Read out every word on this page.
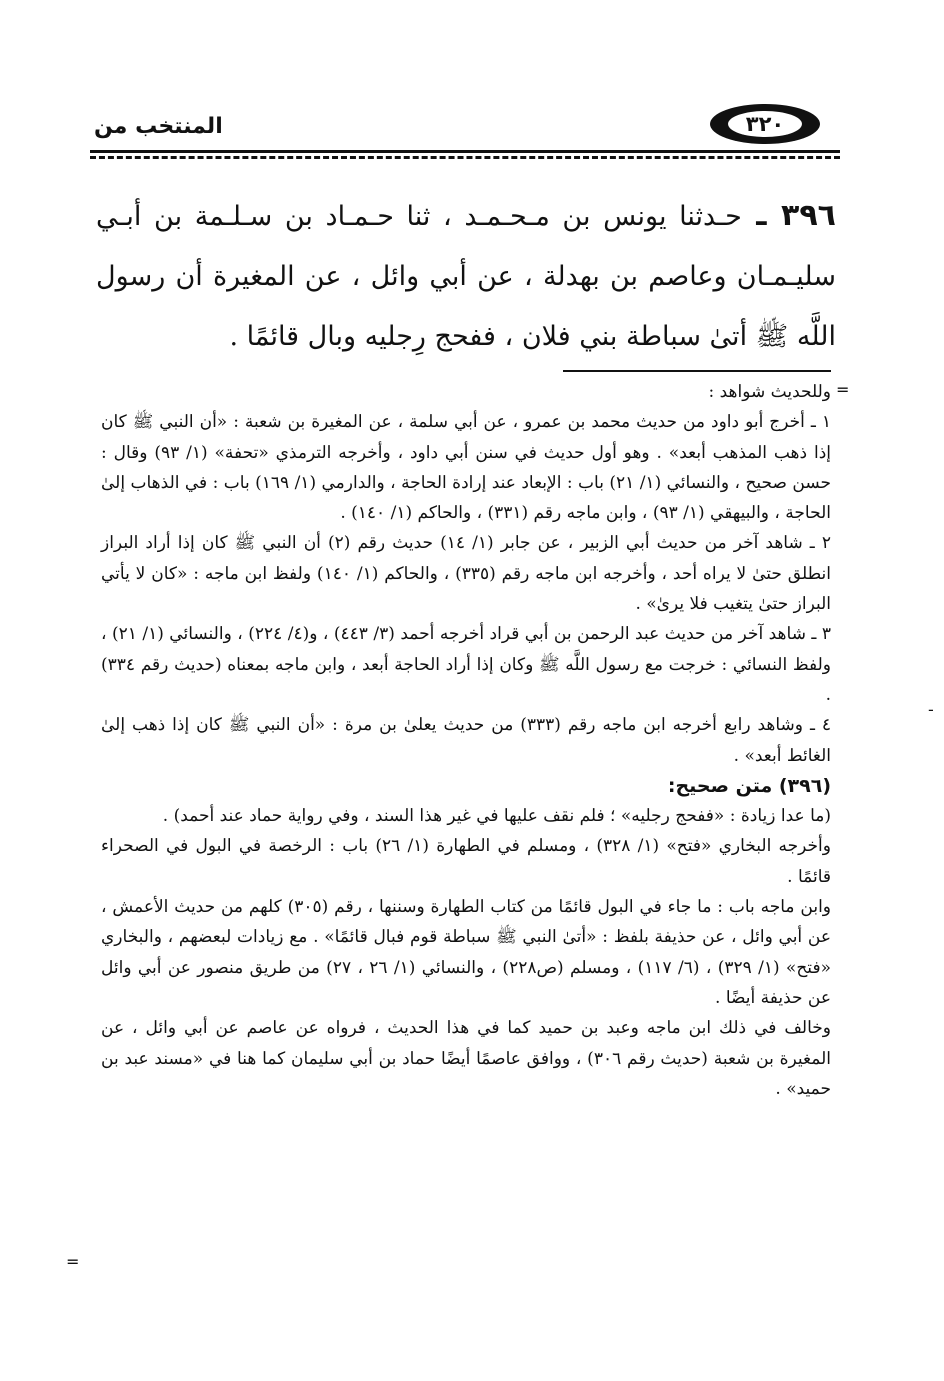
المنتخب من	٣٢٠
٣٩٦ ـ حـدثنا يونس بن مـحـمـد ، ثنا حـمـاد بن سـلـمة بن أبـي سليـمـان وعاصم بن بهدلة ، عن أبي وائل ، عن المغيرة أن رسول اللَّه ﷺ أتىٰ سباطة بني فلان ، ففحج رِجليه وبال قائمًا .
=
=
-

وللحديث شواهد :

١ ـ أخرج أبو داود من حديث محمد بن عمرو ، عن أبي سلمة ، عن المغيرة بن شعبة : «أن النبي ﷺ كان إذا ذهب المذهب أبعد» . وهو أول حديث في سنن أبي داود ، وأخرجه الترمذي «تحفة» (١/ ٩٣) وقال : حسن صحيح ، والنسائي (١/ ٢١) باب : الإبعاد عند إرادة الحاجة ، والدارمي (١/ ١٦٩) باب : في الذهاب إلىٰ الحاجة ، والبيهقي (١/ ٩٣) ، وابن ماجه رقم (٣٣١) ، والحاكم (١/ ١٤٠) .

٢ ـ شاهد آخر من حديث أبي الزبير ، عن جابر (١/ ١٤) حديث رقم (٢) أن النبي ﷺ كان إذا أراد البراز انطلق حتىٰ لا يراه أحد ، وأخرجه ابن ماجه رقم (٣٣٥) ، والحاكم (١/ ١٤٠) ولفظ ابن ماجه : «كان لا يأتي البراز حتىٰ يتغيب فلا يرىٰ» .

٣ ـ شاهد آخر من حديث عبد الرحمن بن أبي قراد أخرجه أحمد (٣/ ٤٤٣) ، و(٤/ ٢٢٤) ، والنسائي (١/ ٢١) ، ولفظ النسائي : خرجت مع رسول اللَّه ﷺ وكان إذا أراد الحاجة أبعد ، وابن ماجه بمعناه (حديث رقم ٣٣٤) .

٤ ـ وشاهد رابع أخرجه ابن ماجه رقم (٣٣٣) من حديث يعلىٰ بن مرة : «أن النبي ﷺ كان إذا ذهب إلىٰ الغائط أبعد» .

(٣٩٦) متن صحيح:

(ما عدا زيادة : «ففحج رجليه» ؛ فلم نقف عليها في غير هذا السند ، وفي رواية حماد عند أحمد) .

وأخرجه البخاري «فتح» (١/ ٣٢٨) ، ومسلم في الطهارة (١/ ٢٦) باب : الرخصة في البول في الصحراء قائمًا .

وابن ماجه باب : ما جاء في البول قائمًا من كتاب الطهارة وسننها ، رقم (٣٠٥) كلهم من حديث الأعمش ، عن أبي وائل ، عن حذيفة بلفظ : «أتىٰ النبي ﷺ سباطة قوم فبال قائمًا» . مع زيادات لبعضهم ، والبخاري «فتح» (١/ ٣٢٩) ، (٦/ ١١٧) ، ومسلم (ص٢٢٨) ، والنسائي (١/ ٢٦ ، ٢٧) من طريق منصور عن أبي وائل عن حذيفة أيضًا .

وخالف في ذلك ابن ماجه وعبد بن حميد كما في هذا الحديث ، فرواه عن عاصم عن أبي وائل ، عن المغيرة بن شعبة (حديث رقم ٣٠٦) ، ووافق عاصمًا أيضًا حماد بن أبي سليمان كما هنا في «مسند عبد بن حميد» .
